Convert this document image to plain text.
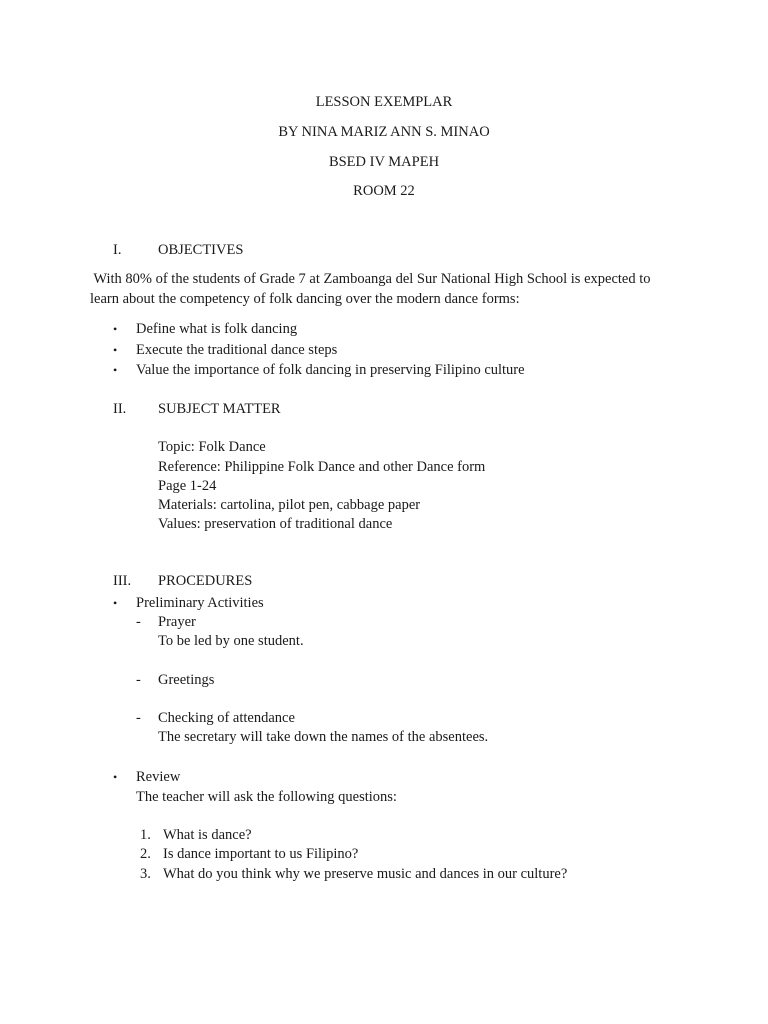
LESSON EXEMPLAR
BY NINA MARIZ ANN S. MINAO
BSED IV MAPEH
ROOM 22
I.	OBJECTIVES
With 80% of the students of Grade 7 at Zamboanga del Sur National High School is expected to
learn about the competency of folk dancing over the modern dance forms:
• Define what is folk dancing
• Execute the traditional dance steps
• Value the importance of folk dancing in preserving Filipino culture
II. SUBJECT MATTER
Topic: Folk Dance
Reference: Philippine Folk Dance and other Dance form
Page 1-24
Materials: cartolina, pilot pen, cabbage paper
Values: preservation of traditional dance
III. PROCEDURES
• Preliminary Activities
- Prayer
To be led by one student.
- Greetings
- Checking of attendance
The secretary will take down the names of the absentees.
• Review
The teacher will ask the following questions:
1. What is dance?
2. Is dance important to us Filipino?
3. What do you think why we preserve music and dances in our culture?
